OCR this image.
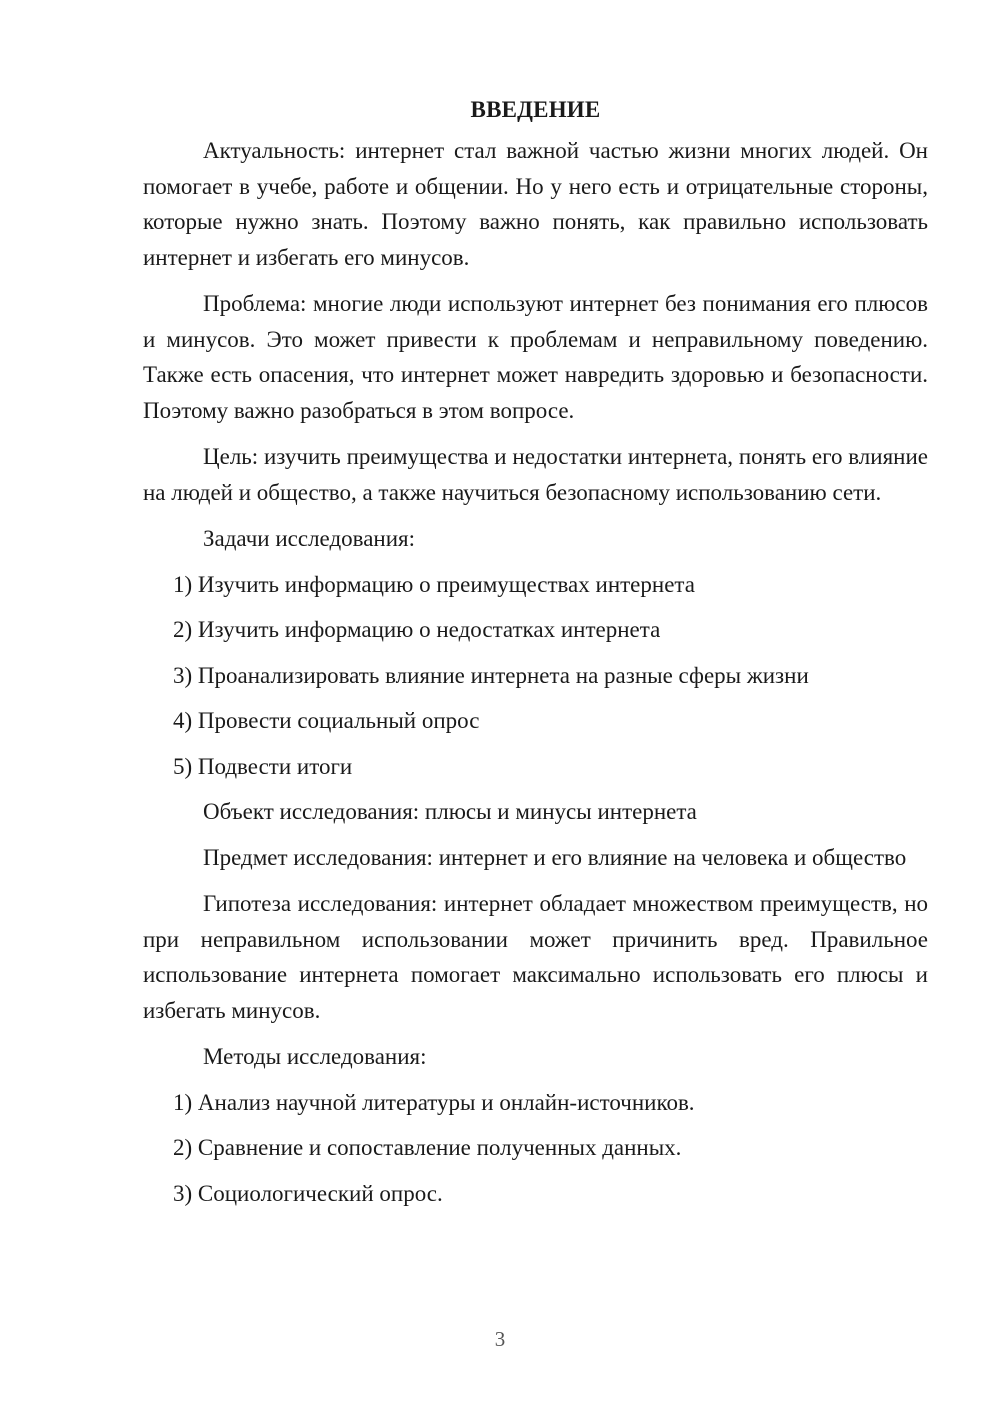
ВВЕДЕНИЕ

Актуальность: интернет стал важной частью жизни многих людей. Он помогает в учебе, работе и общении. Но у него есть и отрицательные стороны, которые нужно знать. Поэтому важно понять, как правильно использовать интернет и избегать его минусов.

Проблема: многие люди используют интернет без понимания его плюсов и минусов. Это может привести к проблемам и неправильному поведению. Также есть опасения, что интернет может навредить здоровью и безопасности. Поэтому важно разобраться в этом вопросе.

Цель: изучить преимущества и недостатки интернета, понять его влияние на людей и общество, а также научиться безопасному использованию сети.

Задачи исследования:
1) Изучить информацию о преимуществах интернета
2) Изучить информацию о недостатках интернета
3) Проанализировать влияние интернета на разные сферы жизни
4) Провести социальный опрос
5) Подвести итоги
Объект исследования: плюсы и минусы интернета

Предмет исследования: интернет и его влияние на человека и общество

Гипотеза исследования: интернет обладает множеством преимуществ, но при неправильном использовании может причинить вред. Правильное использование интернета помогает максимально использовать его плюсы и избегать минусов.

Методы исследования:
1) Анализ научной литературы и онлайн-источников.
2) Сравнение и сопоставление полученных данных.
3) Социологический опрос.
3
